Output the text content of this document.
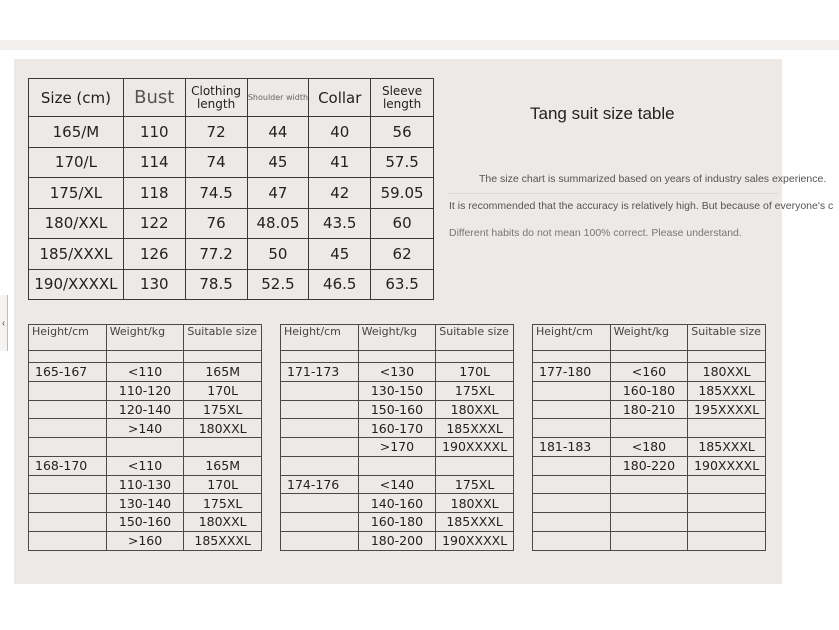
‹
Size (cm)	Bust	Clothing length	Shoulder width	Collar	Sleeve length
165/M	110	72	44	40	56
170/L	114	74	45	41	57.5
175/XL	118	74.5	47	42	59.05
180/XXL	122	76	48.05	43.5	60
185/XXXL	126	77.2	50	45	62
190/XXXXL	130	78.5	52.5	46.5	63.5
Tang suit size table
The size chart is summarized based on years of industry sales experience.
It is recommended that the accuracy is relatively high. But because of everyone's c
Different habits do not mean 100% correct. Please understand.
Height/cm	Weight/kg	Suitable size

165-167	<110	165M
	110-120	170L
	120-140	175XL
	>140	180XXL

168-170	<110	165M
	110-130	170L
	130-140	175XL
	150-160	180XXL
	>160	185XXXL
Height/cm	Weight/kg	Suitable size

171-173	<130	170L
	130-150	175XL
	150-160	180XXL
	160-170	185XXXL
	>170	190XXXXL

174-176	<140	175XL
	140-160	180XXL
	160-180	185XXXL
	180-200	190XXXXL
Height/cm	Weight/kg	Suitable size

177-180	<160	180XXL
	160-180	185XXXL
	180-210	195XXXXL

181-183	<180	185XXXL
	180-220	190XXXXL
